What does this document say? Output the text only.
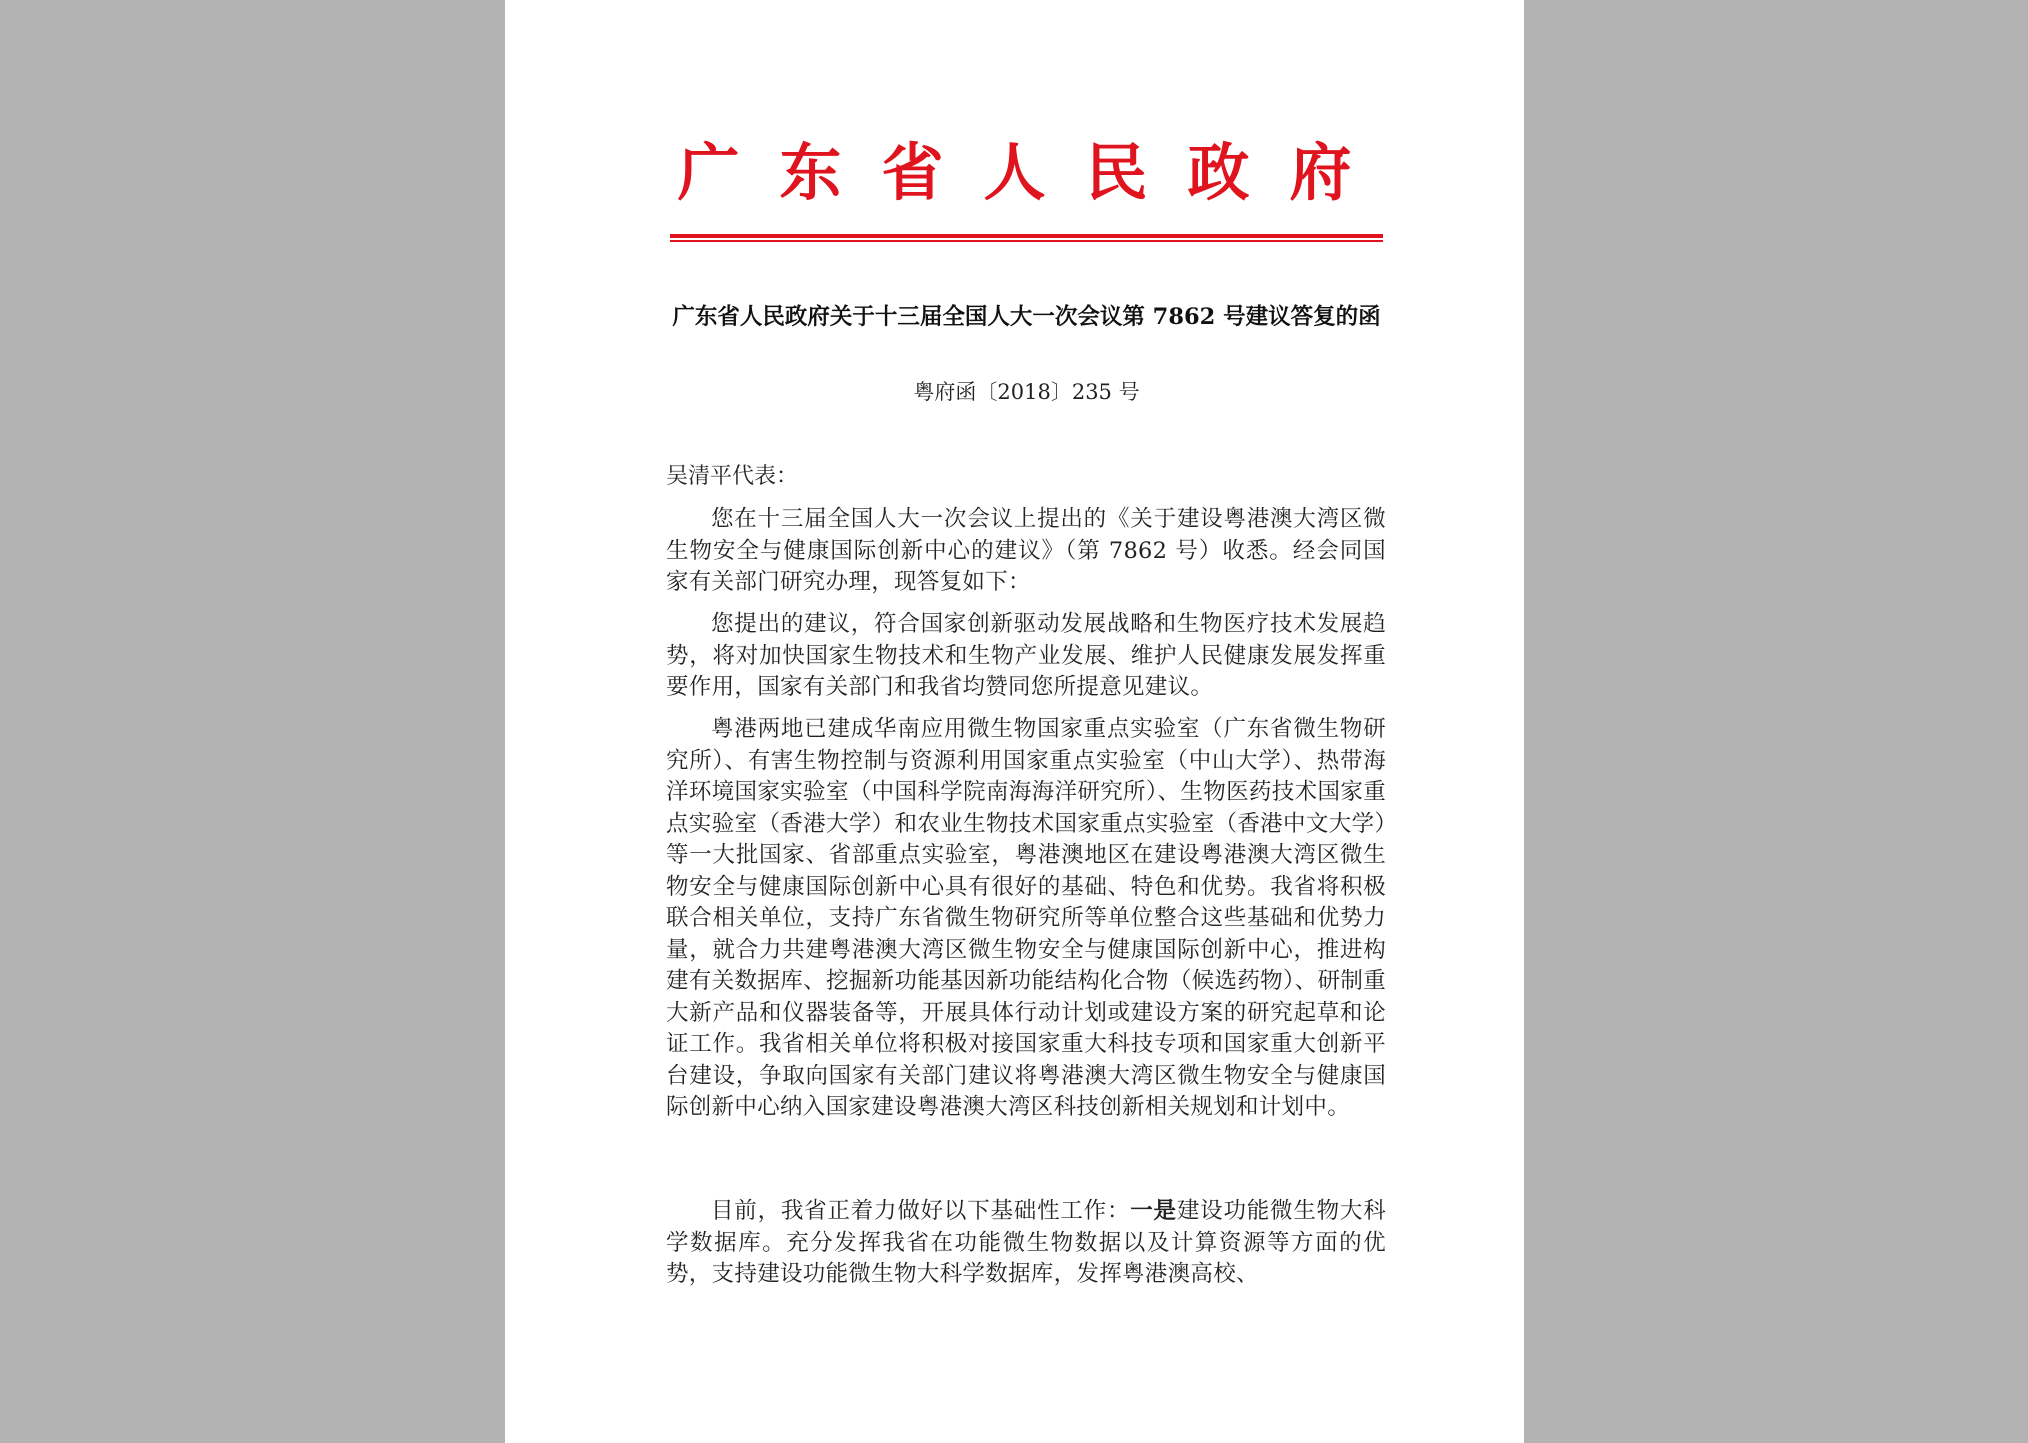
广东省人民政府
广东省人民政府关于十三届全国人大一次会议第 7862 号建议答复的函
粤府函〔2018〕235 号
吴清平代表：

您在十三届全国人大一次会议上提出的《关于建设粤港澳大湾区微生物安全与健康国际创新中心的建议》（第 7862 号）收悉。经会同国家有关部门研究办理，现答复如下：

您提出的建议，符合国家创新驱动发展战略和生物医疗技术发展趋势，将对加快国家生物技术和生物产业发展、维护人民健康发展发挥重要作用，国家有关部门和我省均赞同您所提意见建议。

粤港两地已建成华南应用微生物国家重点实验室（广东省微生物研究所）、有害生物控制与资源利用国家重点实验室（中山大学）、热带海洋环境国家实验室（中国科学院南海海洋研究所）、生物医药技术国家重点实验室（香港大学）和农业生物技术国家重点实验室（香港中文大学）等一大批国家、省部重点实验室，粤港澳地区在建设粤港澳大湾区微生物安全与健康国际创新中心具有很好的基础、特色和优势。我省将积极联合相关单位，支持广东省微生物研究所等单位整合这些基础和优势力量，就合力共建粤港澳大湾区微生物安全与健康国际创新中心，推进构建有关数据库、挖掘新功能基因新功能结构化合物（候选药物）、研制重大新产品和仪器装备等，开展具体行动计划或建设方案的研究起草和论证工作。我省相关单位将积极对接国家重大科技专项和国家重大创新平台建设，争取向国家有关部门建议将粤港澳大湾区微生物安全与健康国际创新中心纳入国家建设粤港澳大湾区科技创新相关规划和计划中。

目前，我省正着力做好以下基础性工作：一是建设功能微生物大科学数据库。充分发挥我省在功能微生物数据以及计算资源等方面的优势，支持建设功能微生物大科学数据库，发挥粤港澳高校、
